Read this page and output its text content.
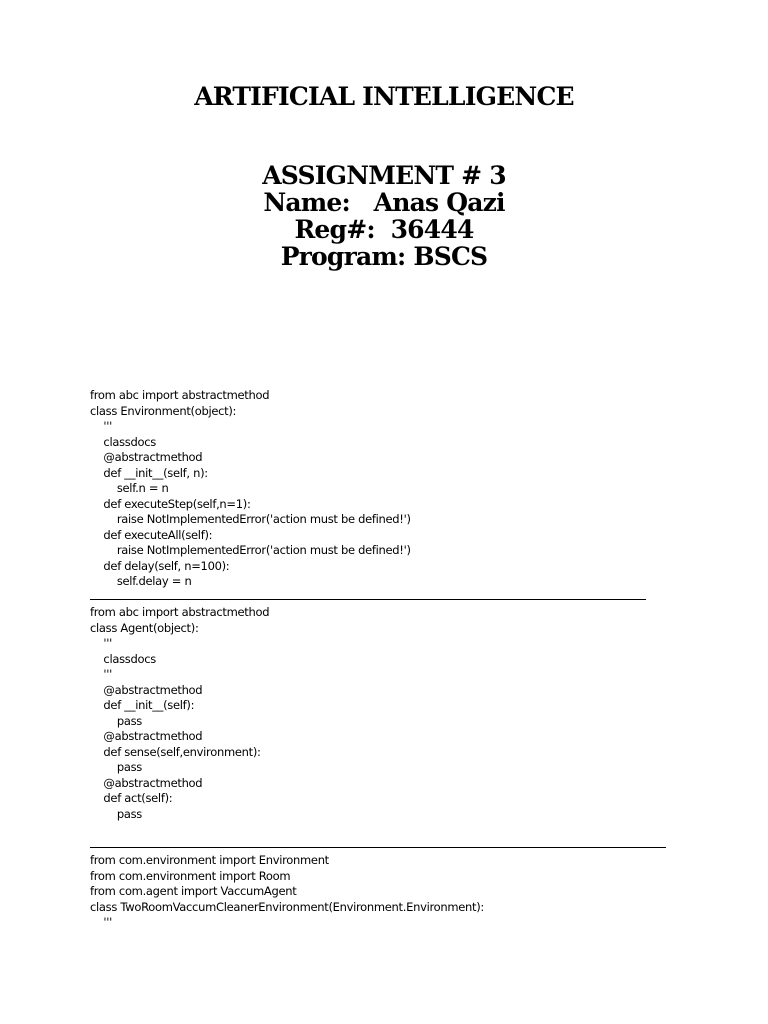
ARTIFICIAL INTELLIGENCE
ASSIGNMENT # 3
Name:   Anas Qazi
Reg#:  36444
Program: BSCS
from abc import abstractmethod
class Environment(object):
'''
classdocs
@abstractmethod
def __init__(self, n):
self.n = n
def executeStep(self,n=1):
raise NotImplementedError('action must be defined!')
def executeAll(self):
raise NotImplementedError('action must be defined!')
def delay(self, n=100):
self.delay = n
from abc import abstractmethod
class Agent(object):
'''
classdocs
'''
@abstractmethod
def __init__(self):
pass
@abstractmethod
def sense(self,environment):
pass
@abstractmethod
def act(self):
pass
from com.environment import Environment
from com.environment import Room
from com.agent import VaccumAgent
class TwoRoomVaccumCleanerEnvironment(Environment.Environment):
'''
